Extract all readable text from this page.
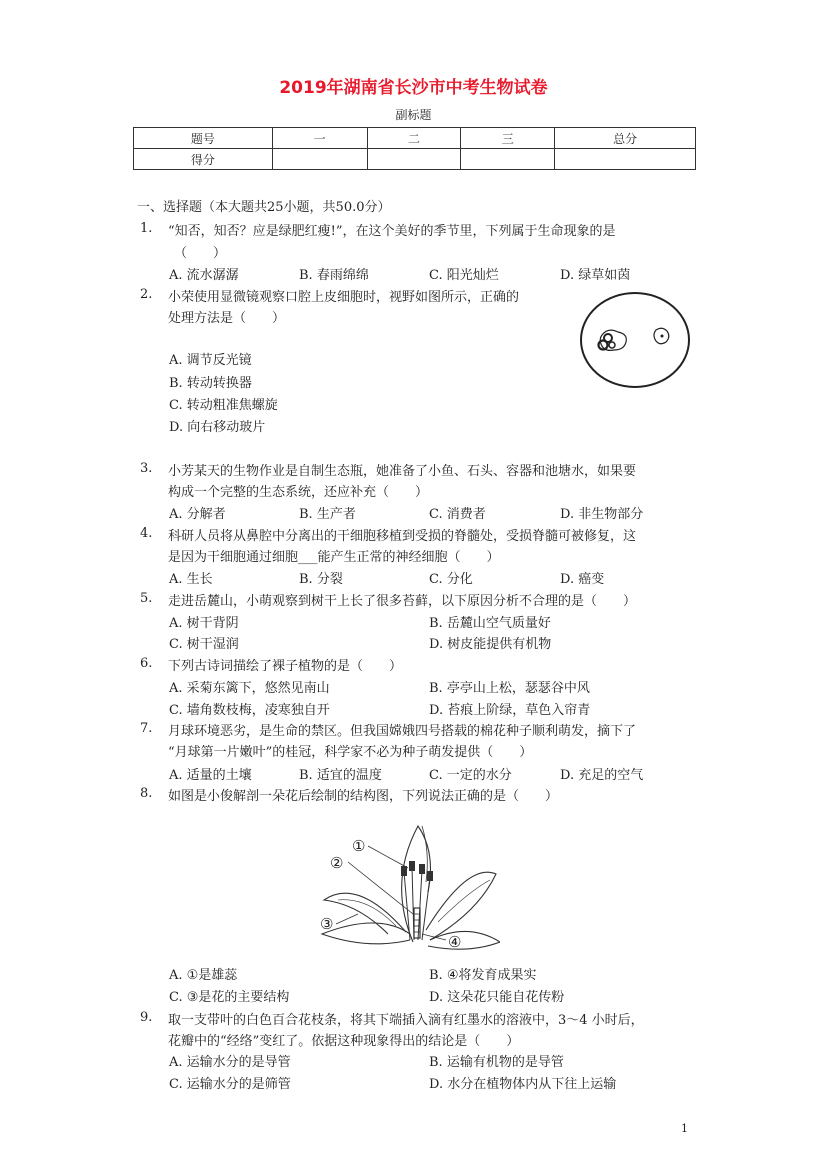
2019年湖南省长沙市中考生物试卷
副标题
题号	一	二	三	总分
得分				
一、选择题（本大题共25小题，共50.0分）
1. “知否，知否？应是绿肥红瘦!”，在这个美好的季节里，下列属于生命现象的是
（　　）
A. 流水潺潺	B. 春雨绵绵	C. 阳光灿烂	D. 绿草如茵
2. 小荣使用显微镜观察口腔上皮细胞时，视野如图所示，正确的
处理方法是（　　）
A. 调节反光镜
B. 转动转换器
C. 转动粗准焦螺旋
D. 向右移动玻片
3. 小芳某天的生物作业是自制生态瓶，她准备了小鱼、石头、容器和池塘水，如果要
构成一个完整的生态系统，还应补充（　　）
A. 分解者	B. 生产者	C. 消费者	D. 非生物部分
4. 科研人员将从鼻腔中分离出的干细胞移植到受损的脊髓处，受损脊髓可被修复，这
是因为干细胞通过细胞___能产生正常的神经细胞（　　）
A. 生长	B. 分裂	C. 分化	D. 癌变
5. 走进岳麓山，小萌观察到树干上长了很多苔藓，以下原因分析不合理的是（　　）
A. 树干背阴	B. 岳麓山空气质量好
C. 树干湿润	D. 树皮能提供有机物
6. 下列古诗词描绘了裸子植物的是（　　）
A. 采菊东篱下，悠然见南山	B. 亭亭山上松，瑟瑟谷中风
C. 墙角数枝梅，凌寒独自开	D. 苔痕上阶绿，草色入帘青
7. 月球环境恶劣，是生命的禁区。但我国嫦娥四号搭载的棉花种子顺利萌发，摘下了
“月球第一片嫩叶”的桂冠，科学家不必为种子萌发提供（　　）
A. 适量的土壤	B. 适宜的温度	C. 一定的水分	D. 充足的空气
8. 如图是小俊解剖一朵花后绘制的结构图，下列说法正确的是（　　）
①
②
③
④
A. ①是雄蕊	B. ④将发育成果实
C. ③是花的主要结构	D. 这朵花只能自花传粉
9. 取一支带叶的白色百合花枝条，将其下端插入滴有红墨水的溶液中，3～4 小时后，
花瓣中的“经络”变红了。依据这种现象得出的结论是（　　）
A. 运输水分的是导管	B. 运输有机物的是导管
C. 运输水分的是筛管	D. 水分在植物体内从下往上运输
1
